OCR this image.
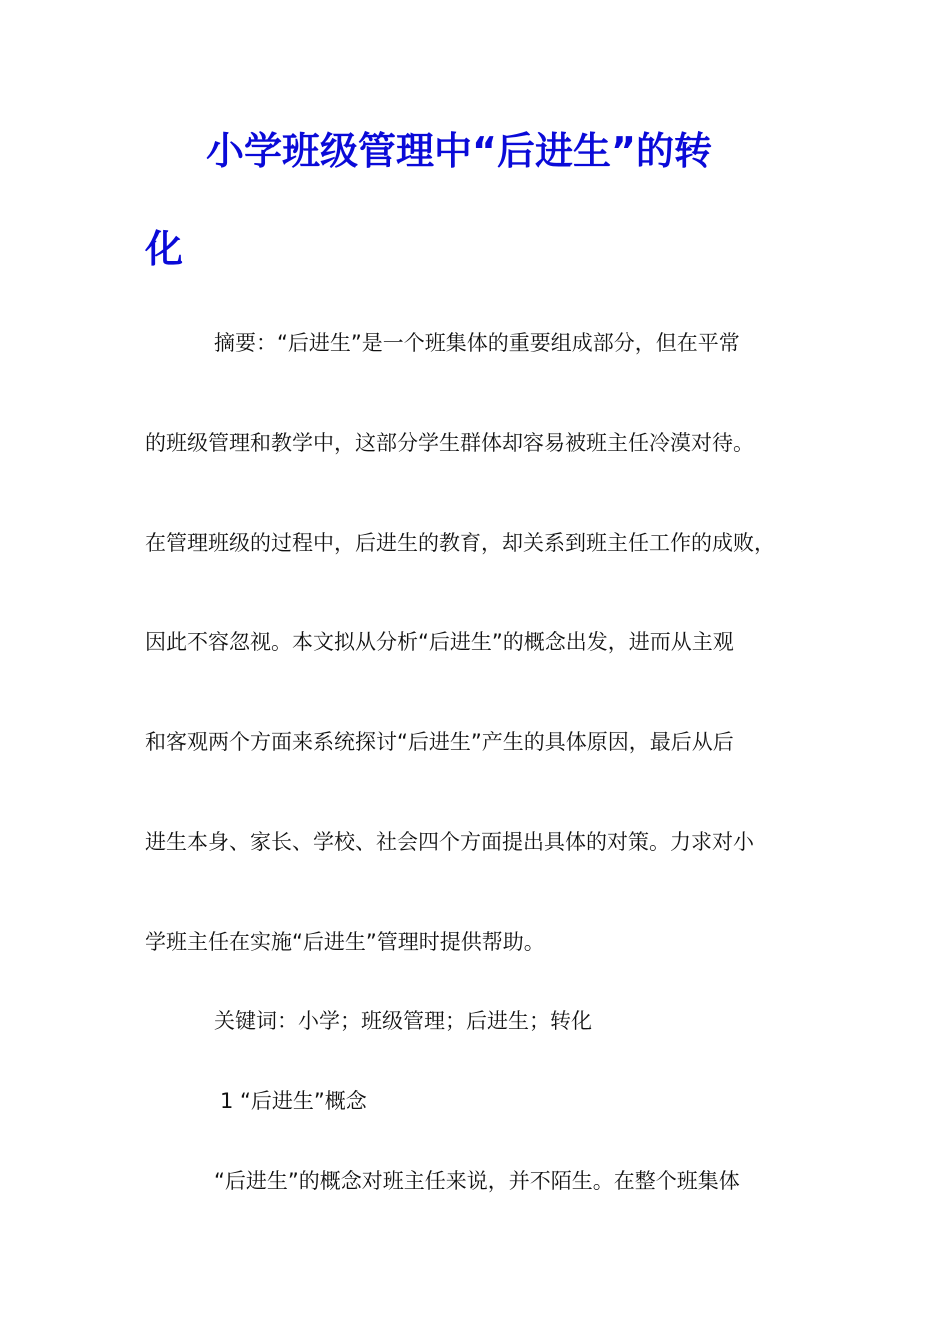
小学班级管理中“后进生”的转
化
摘要：“后进生”是一个班集体的重要组成部分，但在平常
的班级管理和教学中，这部分学生群体却容易被班主任冷漠对待。
在管理班级的过程中，后进生的教育，却关系到班主任工作的成败，
因此不容忽视。本文拟从分析“后进生”的概念出发，进而从主观
和客观两个方面来系统探讨“后进生”产生的具体原因，最后从后
进生本身、家长、学校、社会四个方面提出具体的对策。力求对小
学班主任在实施“后进生”管理时提供帮助。
关键词：小学；班级管理；后进生；转化
1 “后进生”概念
“后进生”的概念对班主任来说，并不陌生。在整个班集体
